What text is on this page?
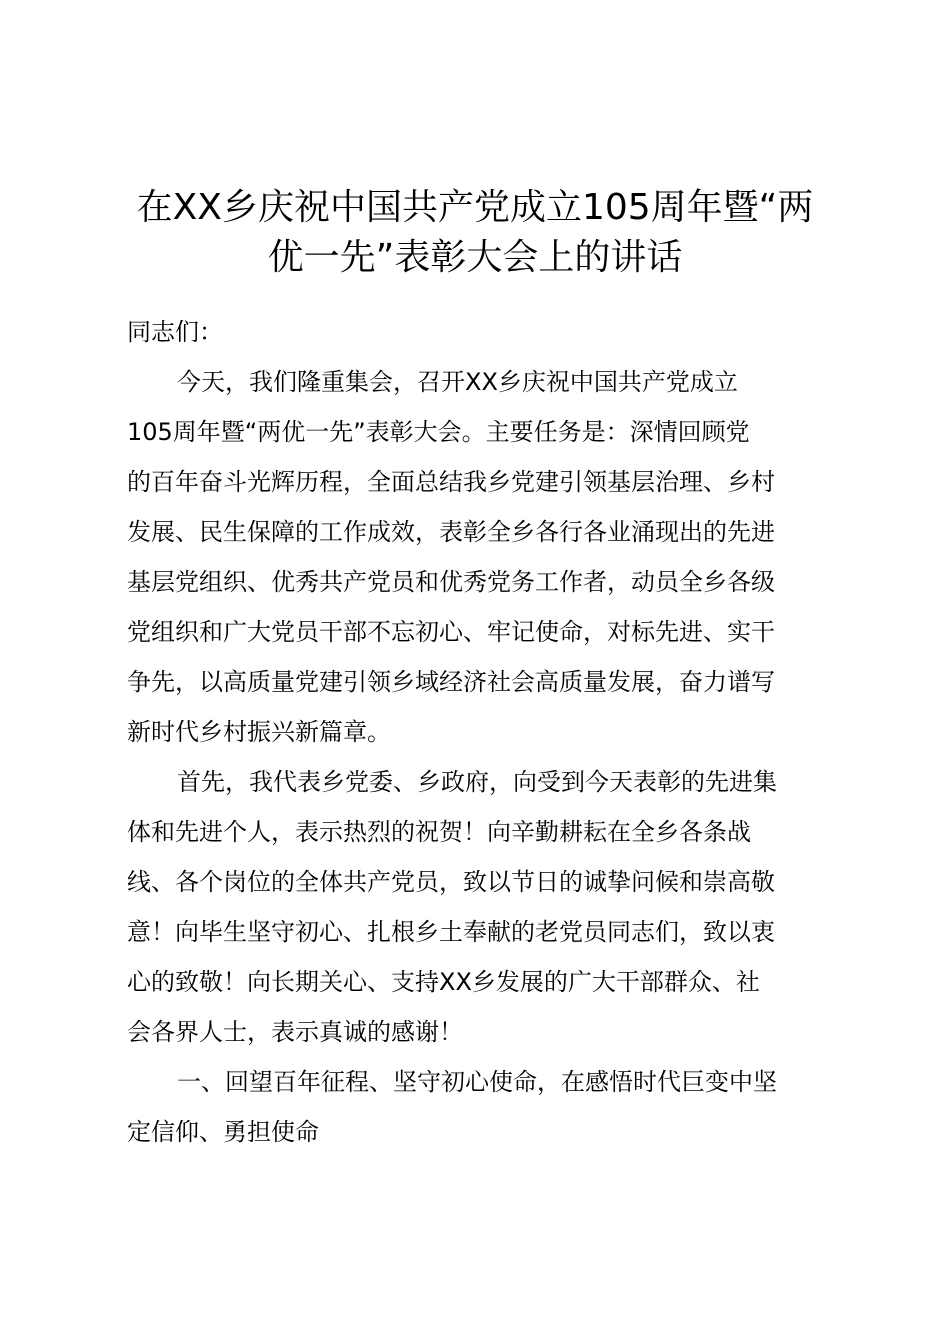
在XX乡庆祝中国共产党成立105周年暨“两
优一先”表彰大会上的讲话

同志们：

今天，我们隆重集会，召开XX乡庆祝中国共产党成立
105周年暨“两优一先”表彰大会。主要任务是：深情回顾党
的百年奋斗光辉历程，全面总结我乡党建引领基层治理、乡村
发展、民生保障的工作成效，表彰全乡各行各业涌现出的先进
基层党组织、优秀共产党员和优秀党务工作者，动员全乡各级
党组织和广大党员干部不忘初心、牢记使命，对标先进、实干
争先，以高质量党建引领乡域经济社会高质量发展，奋力谱写
新时代乡村振兴新篇章。
首先，我代表乡党委、乡政府，向受到今天表彰的先进集
体和先进个人，表示热烈的祝贺！向辛勤耕耘在全乡各条战
线、各个岗位的全体共产党员，致以节日的诚挚问候和崇高敬
意！向毕生坚守初心、扎根乡土奉献的老党员同志们，致以衷
心的致敬！向长期关心、支持XX乡发展的广大干部群众、社
会各界人士，表示真诚的感谢！
一、回望百年征程、坚守初心使命，在感悟时代巨变中坚
定信仰、勇担使命
